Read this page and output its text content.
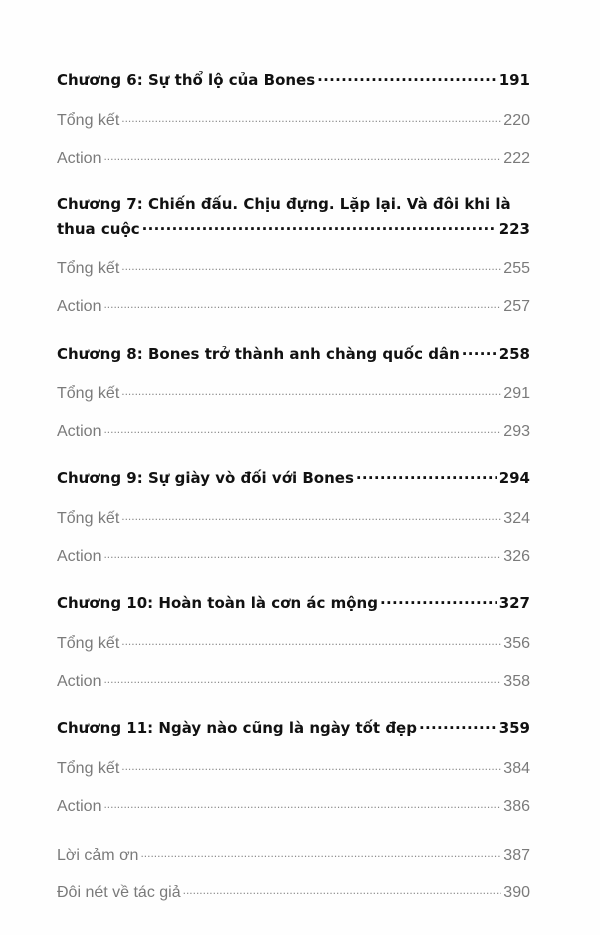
Chương 6: Sự thổ lộ của Bones .....	191
Tổng kết .....	220
Action .....	222
Chương 7: Chiến đấu. Chịu đựng. Lặp lại. Và đôi khi là
thua cuộc .....	223
Tổng kết .....	255
Action .....	257
Chương 8: Bones trở thành anh chàng quốc dân .....	258
Tổng kết .....	291
Action .....	293
Chương 9: Sự giày vò đối với Bones .....	294
Tổng kết .....	324
Action .....	326
Chương 10: Hoàn toàn là cơn ác mộng .....	327
Tổng kết .....	356
Action .....	358
Chương 11: Ngày nào cũng là ngày tốt đẹp .....	359
Tổng kết .....	384
Action .....	386
Lời cảm ơn .....	387
Đôi nét về tác giả .....	390
